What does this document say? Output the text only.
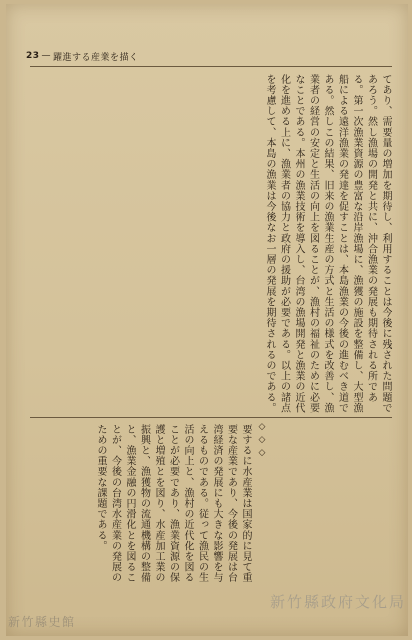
23 — 躍進する産業を描く
てあり、需要量の増加を期待し、利用することは今後に残された問題であろう。然し漁場の開発と共に、沖合漁業の発展も期待される所である。第一次漁業資源の豊富な沿岸漁場に、漁獲の施設を整備し、大型漁船による遠洋漁業の発達を促すことは、本島漁業の今後の進むべき道である。然しこの結果、旧来の漁業生産の方式と生活の様式を改善し、漁業者の経営の安定と生活の向上を図ることが、漁村の福祉のために必要なことである。本州の漁業技術を導入し、台湾の漁場開発と漁業の近代化を進める上に、漁業者の協力と政府の援助が必要である。以上の諸点を考慮して、本島の漁業は今後なお一層の発展を期待されるのである。
◇ ◇ ◇
要するに水産業は国家的に見て重要な産業であり、今後の発展は台湾経済の発展にも大きな影響を与えるものである。従って漁民の生活の向上と、漁村の近代化を図ることが必要であり、漁業資源の保護と増殖とを図り、水産加工業の振興と、漁獲物の流通機構の整備と、漁業金融の円滑化とを図ることが、今後の台湾水産業の発展のための重要な課題である。
新竹縣史館
新竹縣政府文化局
